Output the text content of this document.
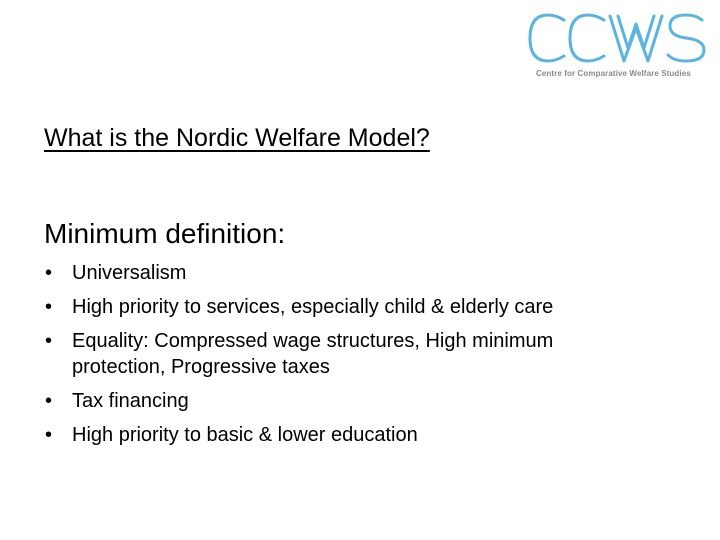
Centre for Comparative Welfare Studies
What is the Nordic Welfare Model?
Minimum definition:
• Universalism
• High priority to services, especially child & elderly care
• Equality: Compressed wage structures, High minimum
protection, Progressive taxes
• Tax financing
• High priority to basic & lower education
